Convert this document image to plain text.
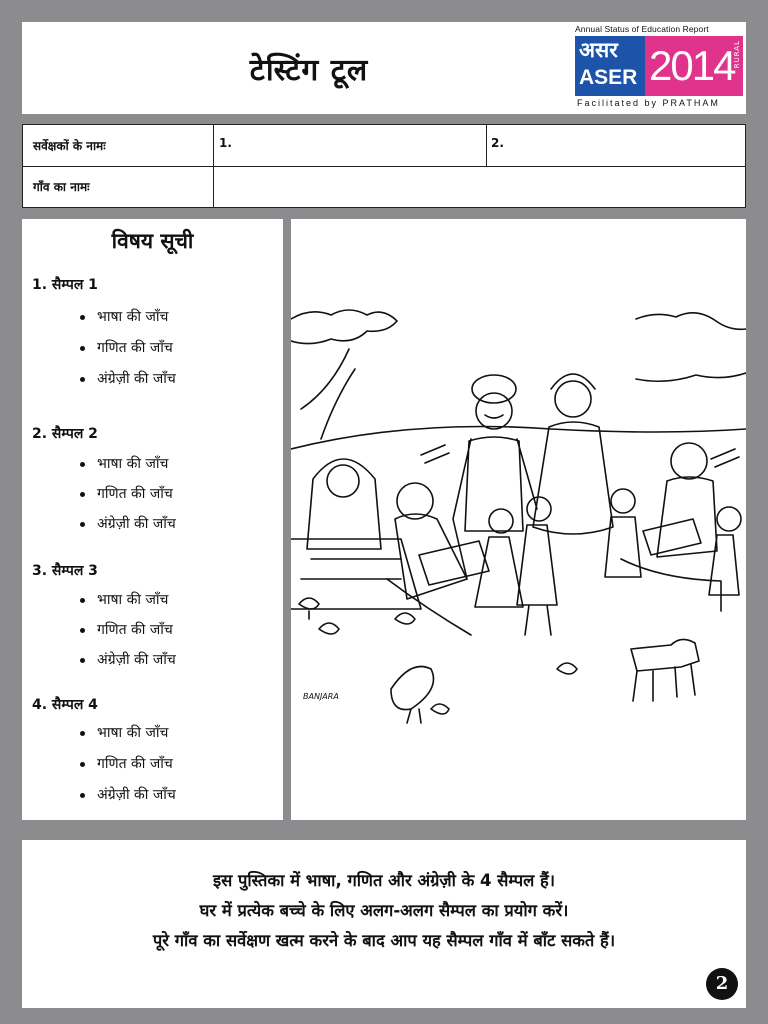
टेस्टिंग टूल
Annual Status of Education Report
असर
ASER 2014
RURAL
Facilitated by PRATHAM
सर्वेक्षकों के नामः	1.	2.
गाँव का नामः
विषय सूची
1. सैम्पल 1
भाषा की जाँच
गणित की जाँच
अंग्रेज़ी की जाँच
2. सैम्पल 2
भाषा की जाँच
गणित की जाँच
अंग्रेज़ी की जाँच
3. सैम्पल 3
भाषा की जाँच
गणित की जाँच
अंग्रेज़ी की जाँच
4. सैम्पल 4
भाषा की जाँच
गणित की जाँच
अंग्रेज़ी की जाँच
BANJARA
इस पुस्तिका में भाषा, गणित और अंग्रेज़ी के 4 सैम्पल हैं।
घर में प्रत्येक बच्चे के लिए अलग-अलग सैम्पल का प्रयोग करें।
पूरे गाँव का सर्वेक्षण खत्म करने के बाद आप यह सैम्पल गाँव में बाँट सकते हैं।
2
